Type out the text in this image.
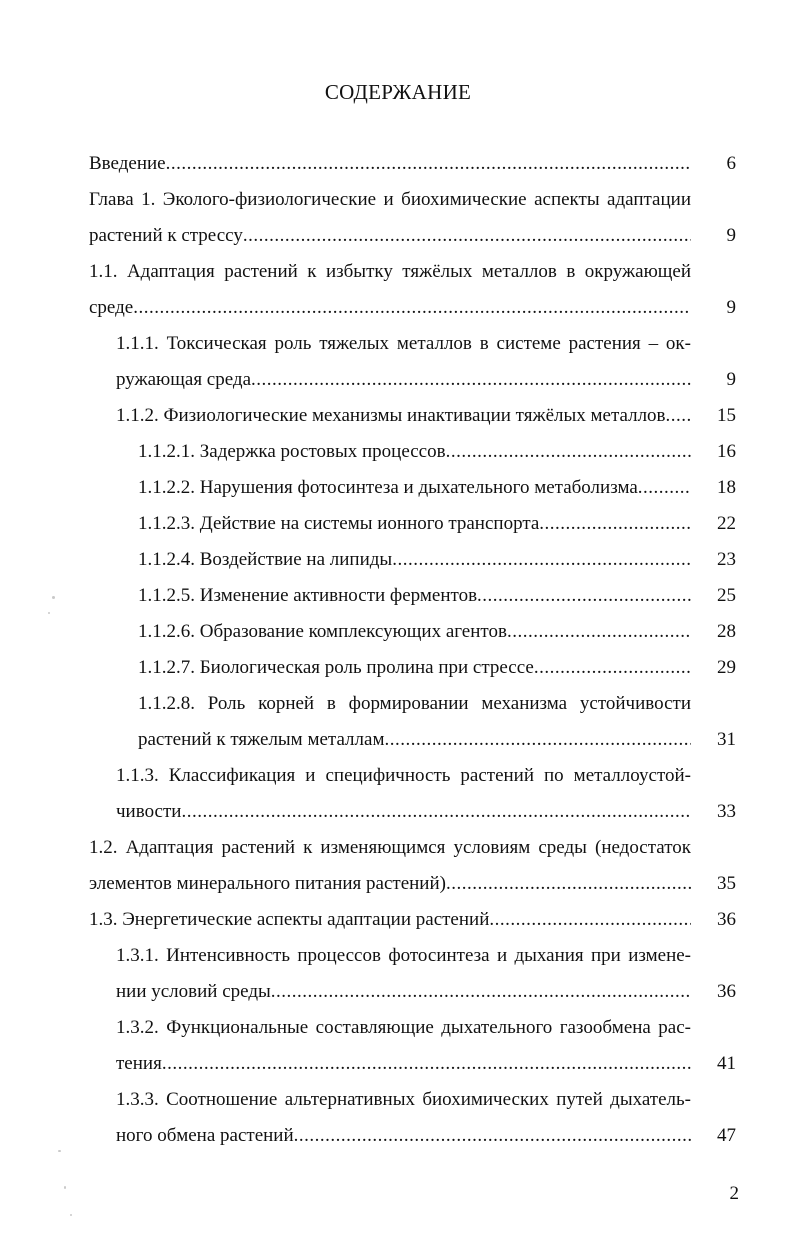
СОДЕРЖАНИЕ
Введение .....	6
Глава 1. Эколого-физиологические и биохимические аспекты адаптации
растений к стрессу .....	9
1.1. Адаптация растений к избытку тяжёлых металлов в окружающей
среде .....	9
1.1.1. Токсическая роль тяжелых металлов в системе растения – ок-
ружающая среда .....	9
1.1.2. Физиологические механизмы инактивации тяжёлых металлов .....	15
1.1.2.1. Задержка ростовых процессов .....	16
1.1.2.2. Нарушения фотосинтеза и дыхательного метаболизма .....	18
1.1.2.3. Действие на системы ионного транспорта .....	22
1.1.2.4. Воздействие на липиды .....	23
1.1.2.5. Изменение активности ферментов .....	25
1.1.2.6. Образование комплексующих агентов .....	28
1.1.2.7. Биологическая роль пролина при стрессе .....	29
1.1.2.8. Роль корней в формировании механизма устойчивости
растений к тяжелым металлам .....	31
1.1.3. Классификация и специфичность растений по металлоустой-
чивости .....	33
1.2. Адаптация растений к изменяющимся условиям среды (недостаток
элементов минерального питания растений) .....	35
1.3. Энергетические аспекты адаптации растений .....	36
1.3.1. Интенсивность процессов фотосинтеза и дыхания при измене-
нии условий среды .....	36
1.3.2. Функциональные составляющие дыхательного газообмена рас-
тения .....	41
1.3.3. Соотношение альтернативных биохимических путей дыхатель-
ного обмена растений .....	47
2
